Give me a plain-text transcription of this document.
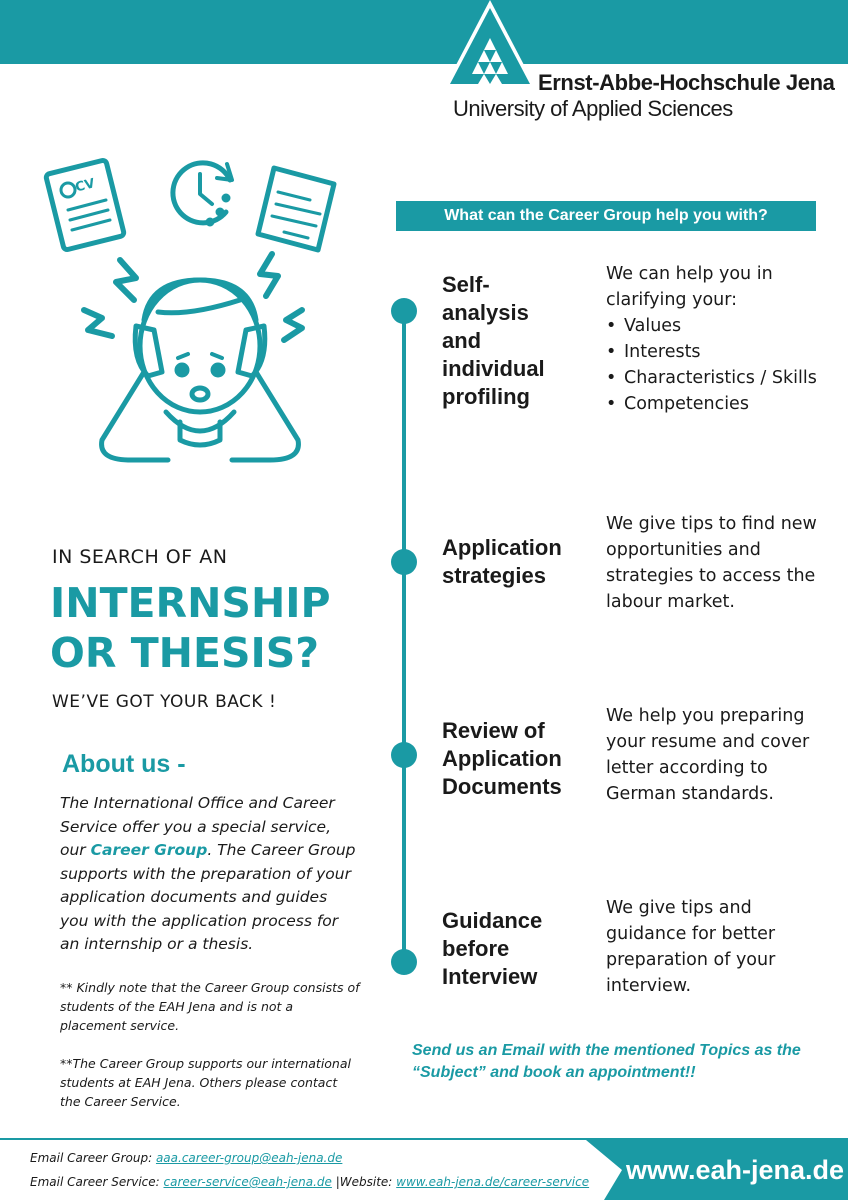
Ernst-Abbe-Hochschule Jena
University of Applied Sciences
CV
IN SEARCH OF AN
INTERNSHIP
OR THESIS?
WE’VE GOT YOUR BACK !
About us -
The International Office and Career Service offer you a special service, our Career Group. The Career Group supports with the preparation of your application documents and guides you with the application process for an internship or a thesis.
** Kindly note that the Career Group consists of students of the EAH Jena and is not a placement service.
**The Career Group supports our international students at EAH Jena. Others please contact the Career Service.
What can the Career Group help you with?
Self-
analysis
and
individual
profiling
We can help you in clarifying your:
• Values
• Interests
• Characteristics / Skills
• Competencies
Application
strategies
We give tips to find new opportunities and strategies to access the labour market.
Review of
Application
Documents
We help you preparing your resume and cover letter according to German standards.
Guidance
before
Interview
We give tips and guidance for better preparation of your interview.
Send us an Email with the mentioned Topics as the “Subject” and book an appointment!!
www.eah-jena.de
Email Career Group: aaa.career-group@eah-jena.de
Email Career Service: career-service@eah-jena.de |Website: www.eah-jena.de/career-service
